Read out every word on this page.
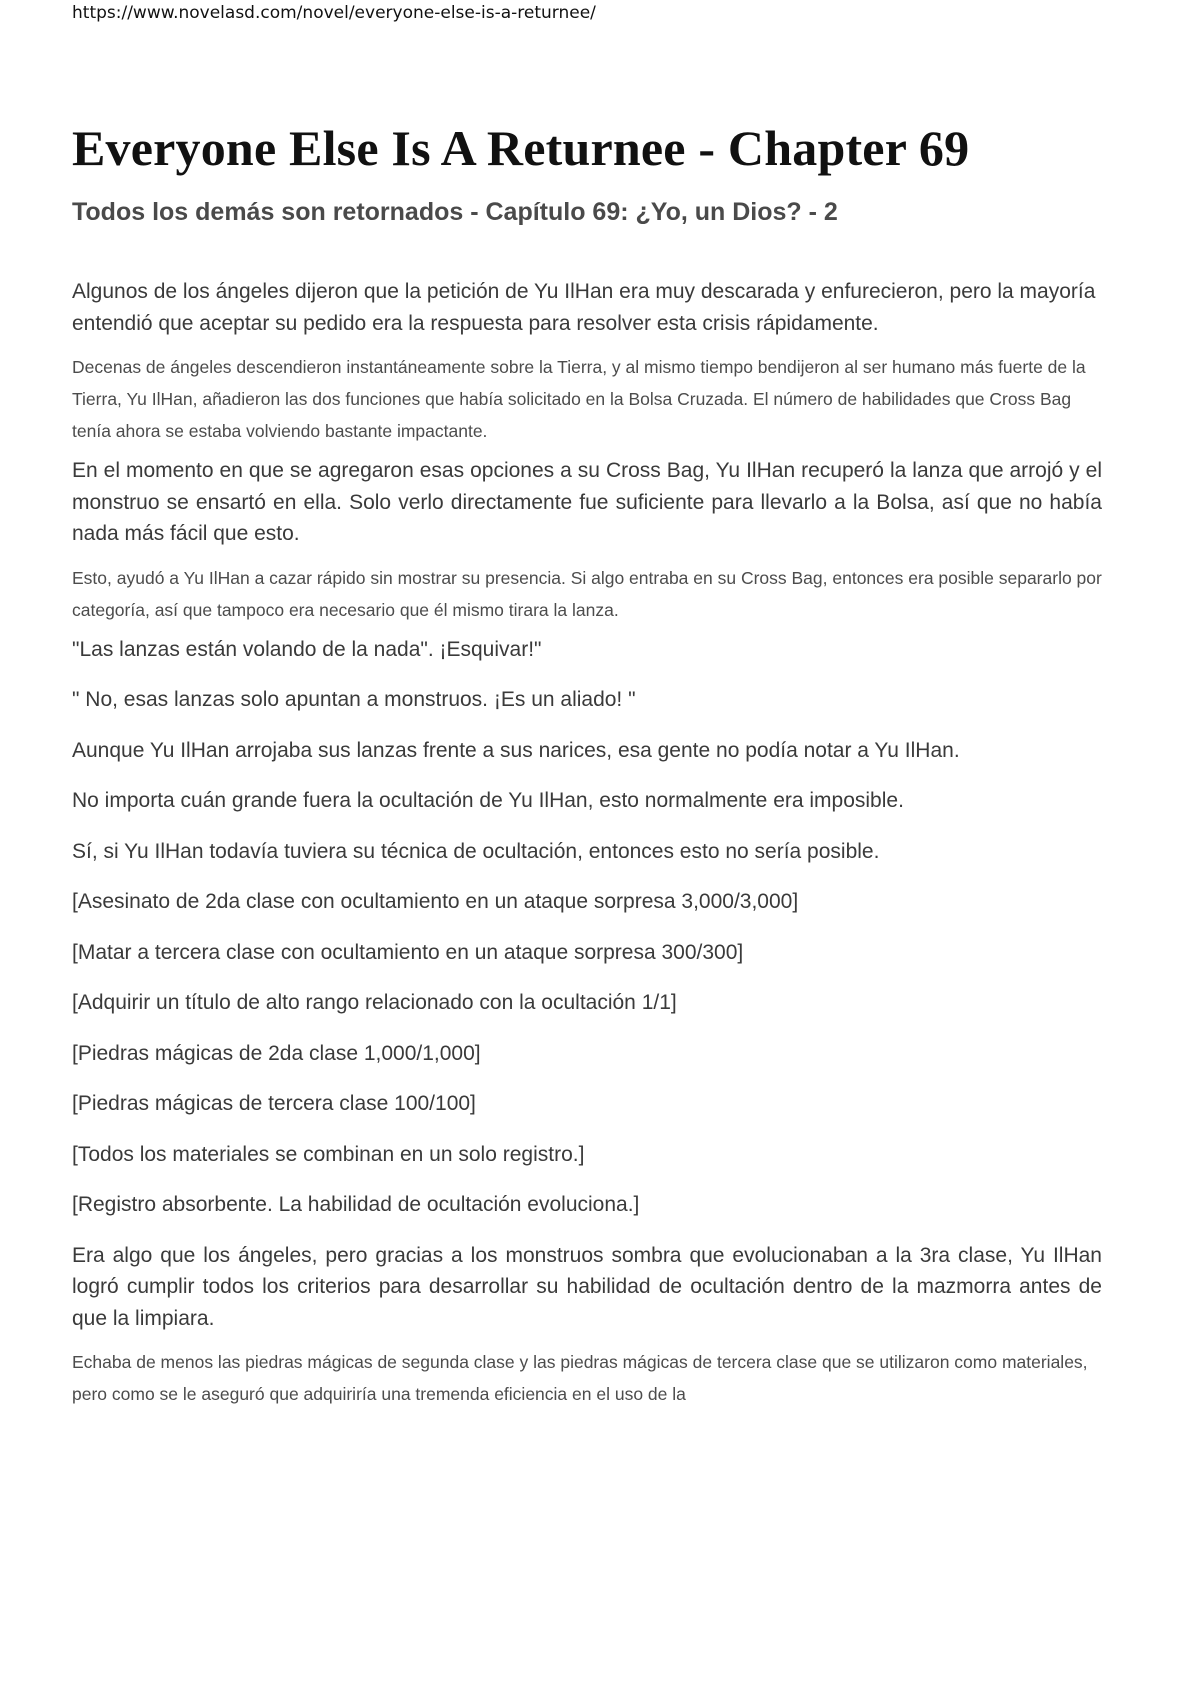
https://www.novelasd.com/novel/everyone-else-is-a-returnee/
Everyone Else Is A Returnee - Chapter 69
Todos los demás son retornados - Capítulo 69: ¿Yo, un Dios? - 2

Algunos de los ángeles dijeron que la petición de Yu IlHan era muy descarada y enfurecieron, pero la mayoría entendió que aceptar su pedido era la respuesta para resolver esta crisis rápidamente.

Decenas de ángeles descendieron instantáneamente sobre la Tierra, y al mismo tiempo bendijeron al ser humano más fuerte de la Tierra, Yu IlHan, añadieron las dos funciones que había solicitado en la Bolsa Cruzada. El número de habilidades que Cross Bag tenía ahora se estaba volviendo bastante impactante.

En el momento en que se agregaron esas opciones a su Cross Bag, Yu IlHan recuperó la lanza que arrojó y el monstruo se ensartó en ella. Solo verlo directamente fue suficiente para llevarlo a la Bolsa, así que no había nada más fácil que esto.

Esto, ayudó a Yu IlHan a cazar rápido sin mostrar su presencia. Si algo entraba en su Cross Bag, entonces era posible separarlo por categoría, así que tampoco era necesario que él mismo tirara la lanza.

"Las lanzas están volando de la nada". ¡Esquivar!"

" No, esas lanzas solo apuntan a monstruos. ¡Es un aliado! "

Aunque Yu IlHan arrojaba sus lanzas frente a sus narices, esa gente no podía notar a Yu IlHan.

No importa cuán grande fuera la ocultación de Yu IlHan, esto normalmente era imposible.

Sí, si Yu IlHan todavía tuviera su técnica de ocultación, entonces esto no sería posible.

[Asesinato de 2da clase con ocultamiento en un ataque sorpresa 3,000/3,000]

[Matar a tercera clase con ocultamiento en un ataque sorpresa 300/300]

[Adquirir un título de alto rango relacionado con la ocultación 1/1]

[Piedras mágicas de 2da clase 1,000/1,000]

[Piedras mágicas de tercera clase 100/100]

[Todos los materiales se combinan en un solo registro.]

[Registro absorbente. La habilidad de ocultación evoluciona.]

Era algo que los ángeles, pero gracias a los monstruos sombra que evolucionaban a la 3ra clase, Yu IlHan logró cumplir todos los criterios para desarrollar su habilidad de ocultación dentro de la mazmorra antes de que la limpiara.

Echaba de menos las piedras mágicas de segunda clase y las piedras mágicas de tercera clase que se utilizaron como materiales, pero como se le aseguró que adquiriría una tremenda eficiencia en el uso de la
